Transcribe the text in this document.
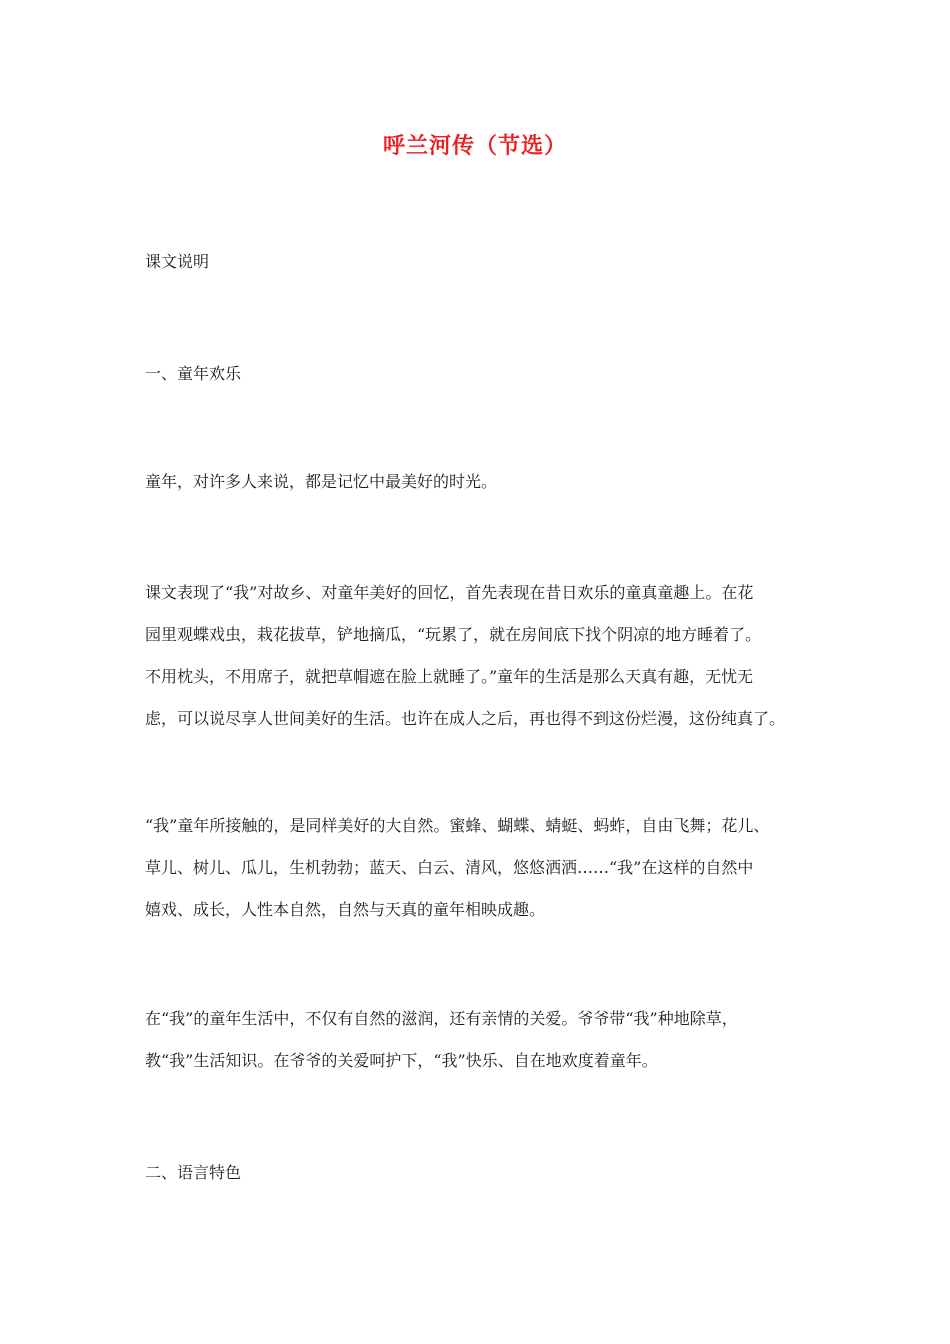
呼兰河传（节选）
课文说明
一、童年欢乐
童年，对许多人来说，都是记忆中最美好的时光。
课文表现了“我”对故乡、对童年美好的回忆，首先表现在昔日欢乐的童真童趣上。在花
园里观蝶戏虫，栽花拔草，铲地摘瓜，“玩累了，就在房间底下找个阴凉的地方睡着了。
不用枕头，不用席子，就把草帽遮在脸上就睡了。”童年的生活是那么天真有趣，无忧无
虑，可以说尽享人世间美好的生活。也许在成人之后，再也得不到这份烂漫，这份纯真了。
“我”童年所接触的，是同样美好的大自然。蜜蜂、蝴蝶、蜻蜓、蚂蚱，自由飞舞；花儿、
草儿、树儿、瓜儿，生机勃勃；蓝天、白云、清风，悠悠洒洒……“我”在这样的自然中
嬉戏、成长，人性本自然，自然与天真的童年相映成趣。
在“我”的童年生活中，不仅有自然的滋润，还有亲情的关爱。爷爷带“我”种地除草，
教“我”生活知识。在爷爷的关爱呵护下，“我”快乐、自在地欢度着童年。
二、语言特色
